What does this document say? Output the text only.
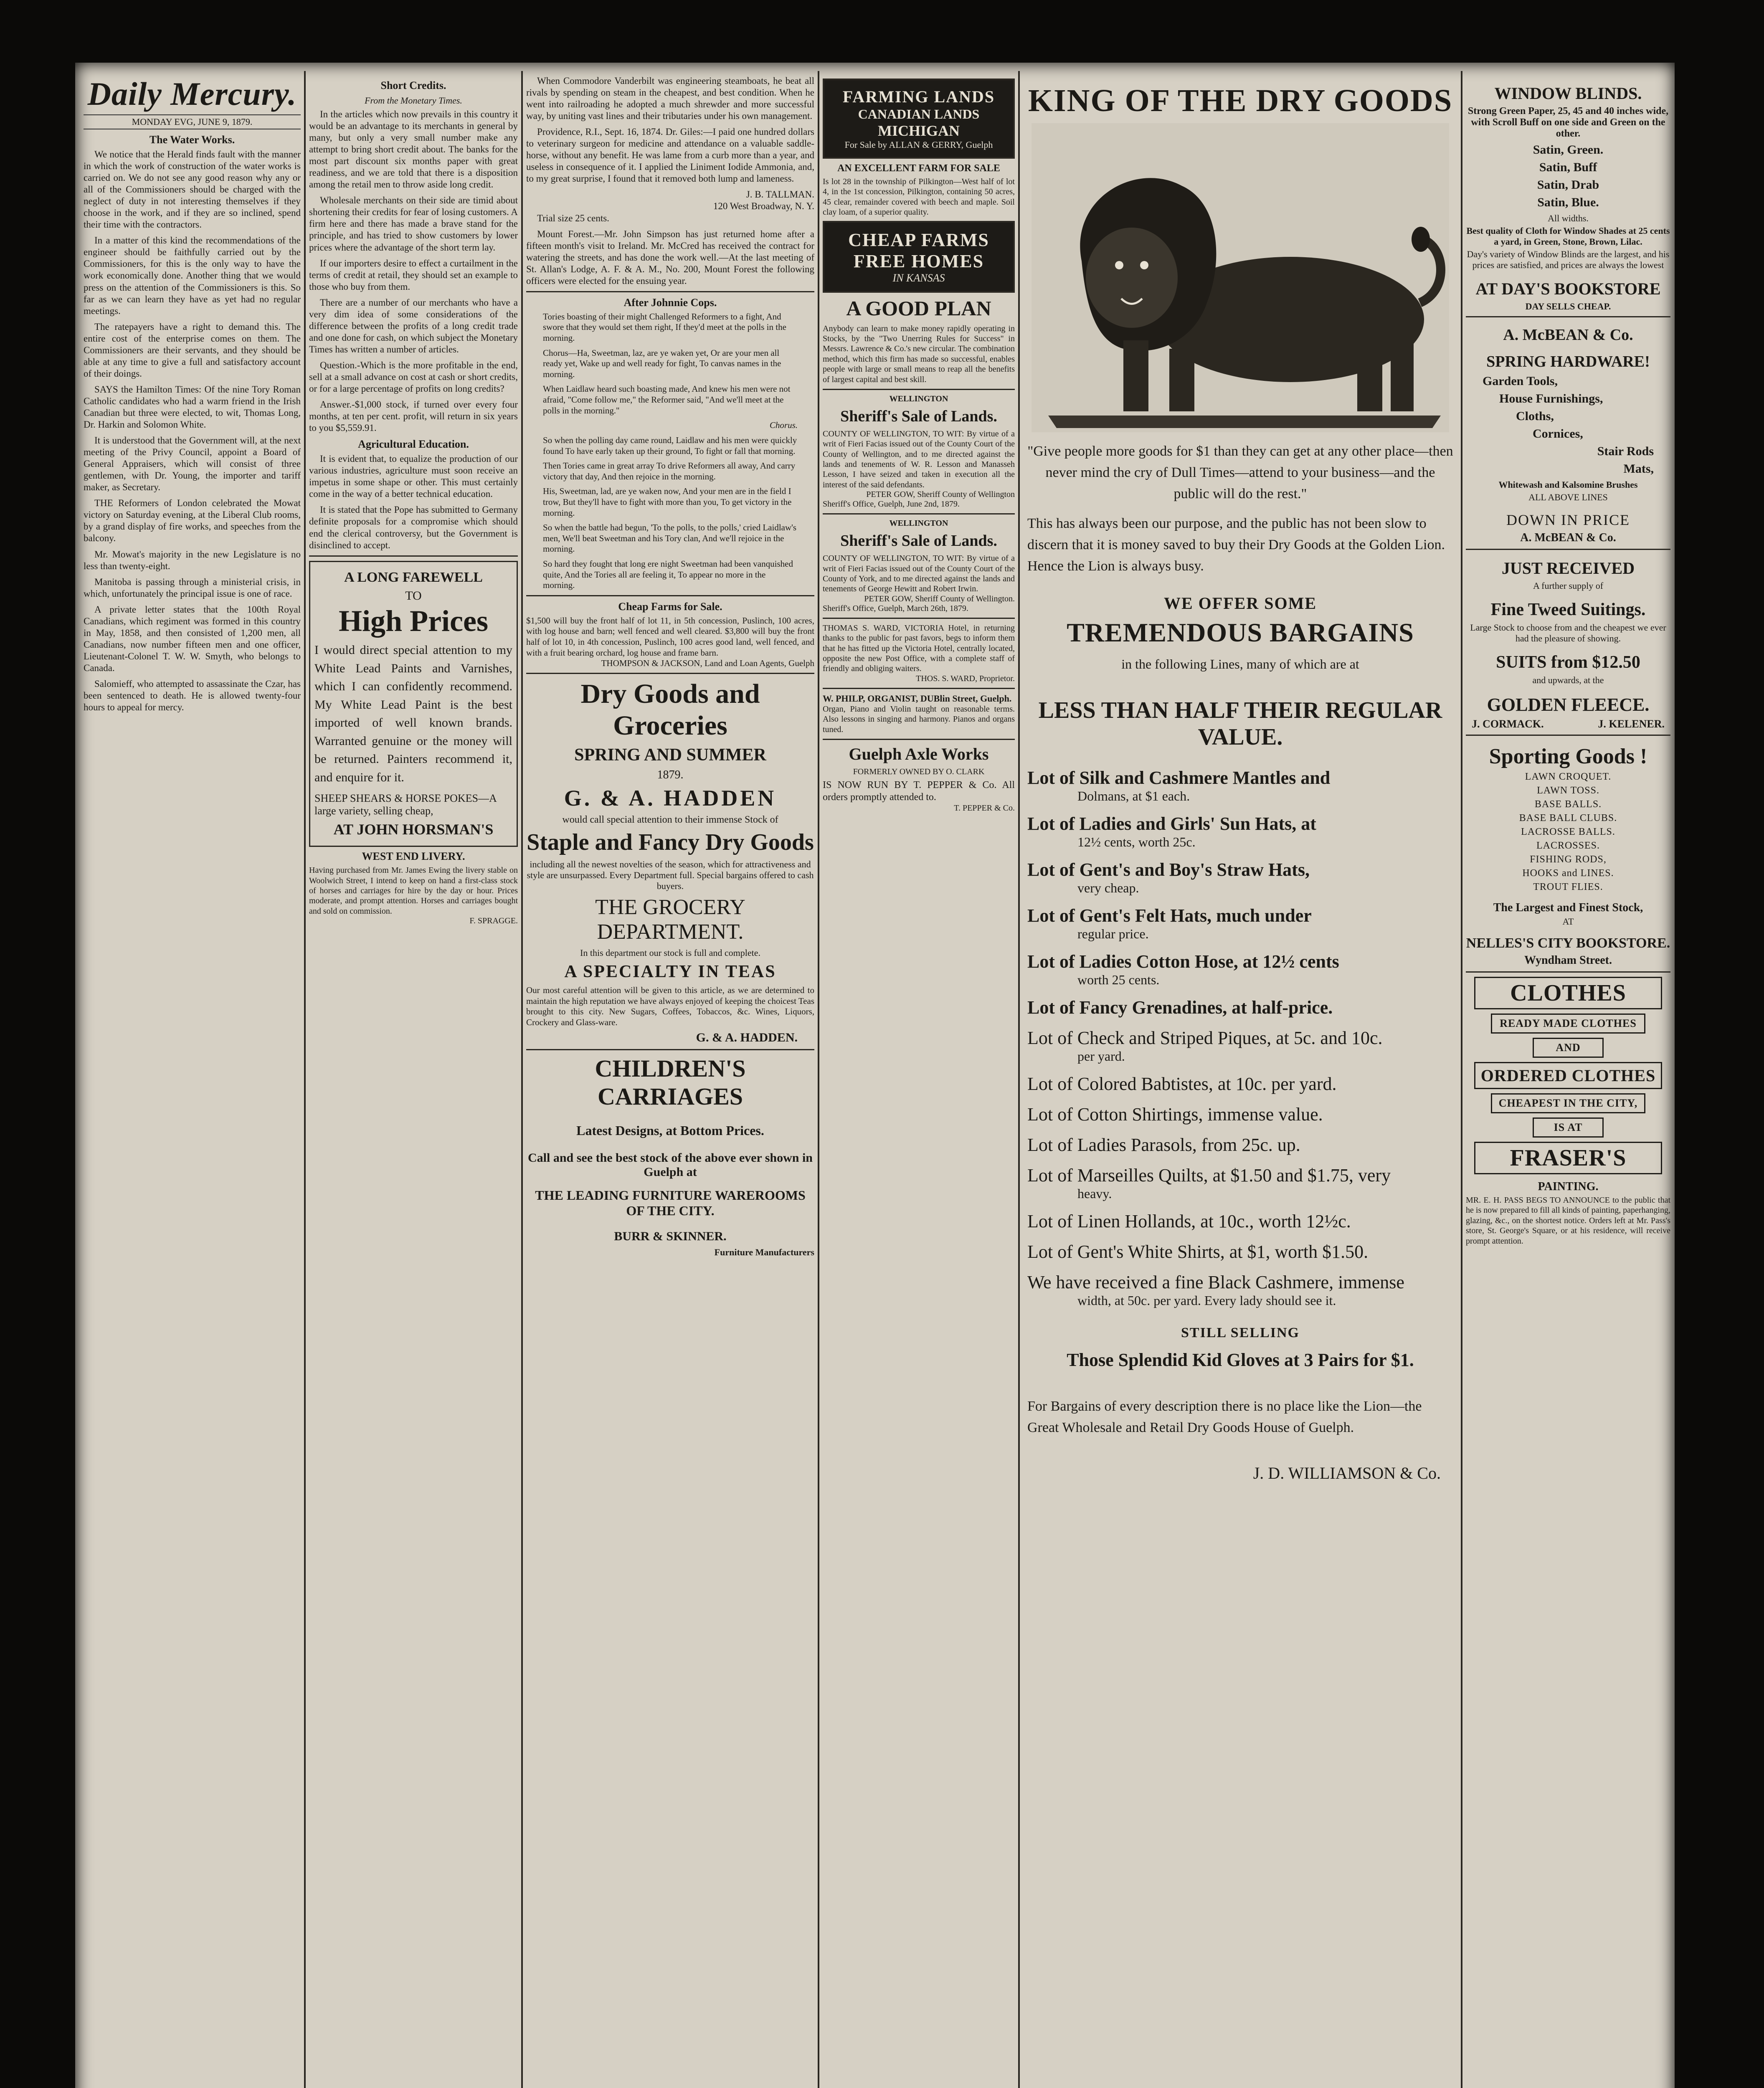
Daily Mercury.
MONDAY EVG, JUNE 9, 1879.
The Water Works.

We notice that the Herald finds fault with the manner in which the work of construction of the water works is carried on. We do not see any good reason why any or all of the Commissioners should be charged with the neglect of duty in not interesting themselves if they choose in the work, and if they are so inclined, spend their time with the contractors.

In a matter of this kind the recommendations of the engineer should be faithfully carried out by the Commissioners, for this is the only way to have the work economically done. Another thing that we would press on the attention of the Commissioners is this. So far as we can learn they have as yet had no regular meetings.

The ratepayers have a right to demand this. The entire cost of the enterprise comes on them. The Commissioners are their servants, and they should be able at any time to give a full and satisfactory account of their doings.

SAYS the Hamilton Times: Of the nine Tory Roman Catholic candidates who had a warm friend in the Irish Canadian but three were elected, to wit, Thomas Long, Dr. Harkin and Solomon White.

It is understood that the Government will, at the next meeting of the Privy Council, appoint a Board of General Appraisers, which will consist of three gentlemen, with Dr. Young, the importer and tariff maker, as Secretary.

THE Reformers of London celebrated the Mowat victory on Saturday evening, at the Liberal Club rooms, by a grand display of fire works, and speeches from the balcony.

Mr. Mowat's majority in the new Legislature is no less than twenty-eight.

Manitoba is passing through a ministerial crisis, in which, unfortunately the principal issue is one of race.

A private letter states that the 100th Royal Canadians, which regiment was formed in this country in May, 1858, and then consisted of 1,200 men, all Canadians, now number fifteen men and one officer, Lieutenant-Colonel T. W. W. Smyth, who belongs to Canada.

Salomieff, who attempted to assassinate the Czar, has been sentenced to death. He is allowed twenty-four hours to appeal for mercy.

Short Credits.
From the Monetary Times.

In the articles which now prevails in this country it would be an advantage to its merchants in general by many, but only a very small number make any attempt to bring short credit about. The banks for the most part discount six months paper with great readiness, and we are told that there is a disposition among the retail men to throw aside long credit.

Wholesale merchants on their side are timid about shortening their credits for fear of losing customers. A firm here and there has made a brave stand for the principle, and has tried to show customers by lower prices where the advantage of the short term lay.

If our importers desire to effect a curtailment in the terms of credit at retail, they should set an example to those who buy from them.

There are a number of our merchants who have a very dim idea of some considerations of the difference between the profits of a long credit trade and one done for cash, on which subject the Monetary Times has written a number of articles.

Question.-Which is the more profitable in the end, sell at a small advance on cost at cash or short credits, or for a large percentage of profits on long credits?

Answer.-$1,000 stock, if turned over every four months, at ten per cent. profit, will return in six years to you $5,559.91.

Agricultural Education.

It is evident that, to equalize the production of our various industries, agriculture must soon receive an impetus in some shape or other. This must certainly come in the way of a better technical education.

It is stated that the Pope has submitted to Germany definite proposals for a compromise which should end the clerical controversy, but the Government is disinclined to accept.

A LONG FAREWELL
TO
High Prices
I would direct special attention to my White Lead Paints and Varnishes, which I can confidently recommend. My White Lead Paint is the best imported of well known brands. Warranted genuine or the money will be returned. Painters recommend it, and enquire for it.
SHEEP SHEARS & HORSE POKES—A large variety, selling cheap,
AT JOHN HORSMAN'S
WEST END LIVERY.
Having purchased from Mr. James Ewing the livery stable on Woolwich Street, I intend to keep on hand a first-class stock of horses and carriages for hire by the day or hour. Prices moderate, and prompt attention. Horses and carriages bought and sold on commission.
F. SPRAGGE.

When Commodore Vanderbilt was engineering steamboats, he beat all rivals by spending on steam in the cheapest, and best condition. When he went into railroading he adopted a much shrewder and more successful way, by uniting vast lines and their tributaries under his own management.

Providence, R.I., Sept. 16, 1874. Dr. Giles:—I paid one hundred dollars to veterinary surgeon for medicine and attendance on a valuable saddle-horse, without any benefit. He was lame from a curb more than a year, and useless in consequence of it. I applied the Liniment Iodide Ammonia, and, to my great surprise, I found that it removed both lump and lameness.

J. B. TALLMAN.
120 West Broadway, N. Y.

Trial size 25 cents.

Mount Forest.—Mr. John Simpson has just returned home after a fifteen month's visit to Ireland. Mr. McCred has received the contract for watering the streets, and has done the work well.—At the last meeting of St. Allan's Lodge, A. F. & A. M., No. 200, Mount Forest the following officers were elected for the ensuing year.

After Johnnie Cops.

Tories boasting of their might Challenged Reformers to a fight, And swore that they would set them right, If they'd meet at the polls in the morning.

Chorus—Ha, Sweetman, laz, are ye waken yet, Or are your men all ready yet, Wake up and well ready for fight, To canvas names in the morning.

When Laidlaw heard such boasting made, And knew his men were not afraid, "Come follow me," the Reformer said, "And we'll meet at the polls in the morning."

Chorus.

So when the polling day came round, Laidlaw and his men were quickly found To have early taken up their ground, To fight or fall that morning.

Then Tories came in great array To drive Reformers all away, And carry victory that day, And then rejoice in the morning.

His, Sweetman, lad, are ye waken now, And your men are in the field I trow, But they'll have to fight with more than you, To get victory in the morning.

So when the battle had begun, 'To the polls, to the polls,' cried Laidlaw's men, We'll beat Sweetman and his Tory clan, And we'll rejoice in the morning.

So hard they fought that long ere night Sweetman had been vanquished quite, And the Tories all are feeling it, To appear no more in the morning.

Cheap Farms for Sale.
$1,500 will buy the front half of lot 11, in 5th concession, Puslinch, 100 acres, with log house and barn; well fenced and well cleared. $3,800 will buy the front half of lot 10, in 4th concession, Puslinch, 100 acres good land, well fenced, and with a fruit bearing orchard, log house and frame barn.
THOMPSON & JACKSON, Land and Loan Agents, Guelph
Dry Goods and Groceries
SPRING AND SUMMER
1879.
G. & A. HADDEN
would call special attention to their immense Stock of
Staple and Fancy Dry Goods
including all the newest novelties of the season, which for attractiveness and style are unsurpassed. Every Department full. Special bargains offered to cash buyers.
THE GROCERY DEPARTMENT.
In this department our stock is full and complete.
A SPECIALTY IN TEAS
Our most careful attention will be given to this article, as we are determined to maintain the high reputation we have always enjoyed of keeping the choicest Teas brought to this city. New Sugars, Coffees, Tobaccos, &c. Wines, Liquors, Crockery and Glass-ware.
G. & A. HADDEN.
CHILDREN'S CARRIAGES
Latest Designs, at Bottom Prices.
Call and see the best stock of the above ever shown in Guelph at
THE LEADING FURNITURE WAREROOMS OF THE CITY.
BURR & SKINNER.
Furniture Manufacturers
FARMING LANDS
CANADIAN LANDS
MICHIGAN
For Sale by ALLAN & GERRY, Guelph
AN EXCELLENT FARM FOR SALE
Is lot 28 in the township of Pilkington—West half of lot 4, in the 1st concession, Pilkington, containing 50 acres, 45 clear, remainder covered with beech and maple. Soil clay loam, of a superior quality.
CHEAP FARMS
FREE HOMES
IN KANSAS
A GOOD PLAN
Anybody can learn to make money rapidly operating in Stocks, by the "Two Unerring Rules for Success" in Messrs. Lawrence & Co.'s new circular. The combination method, which this firm has made so successful, enables people with large or small means to reap all the benefits of largest capital and best skill.
WELLINGTON
Sheriff's Sale of Lands.
COUNTY OF WELLINGTON, TO WIT: By virtue of a writ of Fieri Facias issued out of the County Court of the County of Wellington, and to me directed against the lands and tenements of W. R. Lesson and Manasseh Lesson, I have seized and taken in execution all the interest of the said defendants.
PETER GOW, Sheriff County of Wellington
Sheriff's Office, Guelph, June 2nd, 1879.
WELLINGTON
Sheriff's Sale of Lands.
COUNTY OF WELLINGTON, TO WIT: By virtue of a writ of Fieri Facias issued out of the County Court of the County of York, and to me directed against the lands and tenements of George Hewitt and Robert Irwin.
PETER GOW, Sheriff County of Wellington.
Sheriff's Office, Guelph, March 26th, 1879.
THOMAS S. WARD, VICTORIA Hotel, in returning thanks to the public for past favors, begs to inform them that he has fitted up the Victoria Hotel, centrally located, opposite the new Post Office, with a complete staff of friendly and obliging waiters.
THOS. S. WARD, Proprietor.
W. PHILP, ORGANIST, DUBlin Street, Guelph.
Organ, Piano and Violin taught on reasonable terms. Also lessons in singing and harmony. Pianos and organs tuned.
Guelph Axle Works
FORMERLY OWNED BY O. CLARK
IS NOW RUN BY T. PEPPER & Co. All orders promptly attended to.
T. PEPPER & Co.
KING OF THE DRY GOODS
"Give people more goods for $1 than they can get at any other place—then never mind the cry of Dull Times—attend to your business—and the public will do the rest."
This has always been our purpose, and the public has not been slow to discern that it is money saved to buy their Dry Goods at the Golden Lion. Hence the Lion is always busy.
WE OFFER SOME
TREMENDOUS BARGAINS
in the following Lines, many of which are at
LESS THAN HALF THEIR REGULAR VALUE.
Lot of Silk and Cashmere Mantles and
Dolmans, at $1 each.
Lot of Ladies and Girls' Sun Hats, at
12½ cents, worth 25c.
Lot of Gent's and Boy's Straw Hats,
very cheap.
Lot of Gent's Felt Hats, much under
regular price.
Lot of Ladies Cotton Hose, at 12½ cents
worth 25 cents.
Lot of Fancy Grenadines, at half-price.
Lot of Check and Striped Piques, at 5c. and 10c.
per yard.
Lot of Colored Babtistes, at 10c. per yard.
Lot of Cotton Shirtings, immense value.
Lot of Ladies Parasols, from 25c. up.
Lot of Marseilles Quilts, at $1.50 and $1.75, very
heavy.
Lot of Linen Hollands, at 10c., worth 12½c.
Lot of Gent's White Shirts, at $1, worth $1.50.
We have received a fine Black Cashmere, immense
width, at 50c. per yard. Every lady should see it.
STILL SELLING
Those Splendid Kid Gloves at 3 Pairs for $1.
For Bargains of every description there is no place like the Lion—the Great Wholesale and Retail Dry Goods House of Guelph.
J. D. WILLIAMSON & Co.
WINDOW BLINDS.
Strong Green Paper, 25, 45 and 40 inches wide, with Scroll Buff on one side and Green on the other.
Satin, Green.
Satin, Buff
Satin, Drab
Satin, Blue.
All widths.
Best quality of Cloth for Window Shades at 25 cents a yard, in Green, Stone, Brown, Lilac.
Day's variety of Window Blinds are the largest, and his prices are satisfied, and prices are always the lowest
AT DAY'S BOOKSTORE
DAY SELLS CHEAP.
A. McBEAN & Co.
SPRING HARDWARE!
Garden Tools,
House Furnishings,
Cloths,
Cornices,
Stair Rods
Mats,
Whitewash and Kalsomine Brushes
ALL ABOVE LINES
DOWN IN PRICE
A. McBEAN & Co.
JUST RECEIVED
A further supply of
Fine Tweed Suitings.
Large Stock to choose from and the cheapest we ever had the pleasure of showing.
SUITS from $12.50
and upwards, at the
GOLDEN FLEECE.
J. CORMACK.	J. KELENER.
Sporting Goods !
LAWN CROQUET.
LAWN TOSS.
BASE BALLS.
BASE BALL CLUBS.
LACROSSE BALLS.
LACROSSES.
FISHING RODS,
HOOKS and LINES.
TROUT FLIES.
The Largest and Finest Stock,
AT
NELLES'S CITY BOOKSTORE.
Wyndham Street.
CLOTHES
READY MADE CLOTHES
AND
ORDERED CLOTHES
CHEAPEST IN THE CITY,
IS AT
FRASER'S
PAINTING.
MR. E. H. PASS BEGS TO ANNOUNCE to the public that he is now prepared to fill all kinds of painting, paperhanging, glazing, &c., on the shortest notice. Orders left at Mr. Pass's store, St. George's Square, or at his residence, will receive prompt attention.
